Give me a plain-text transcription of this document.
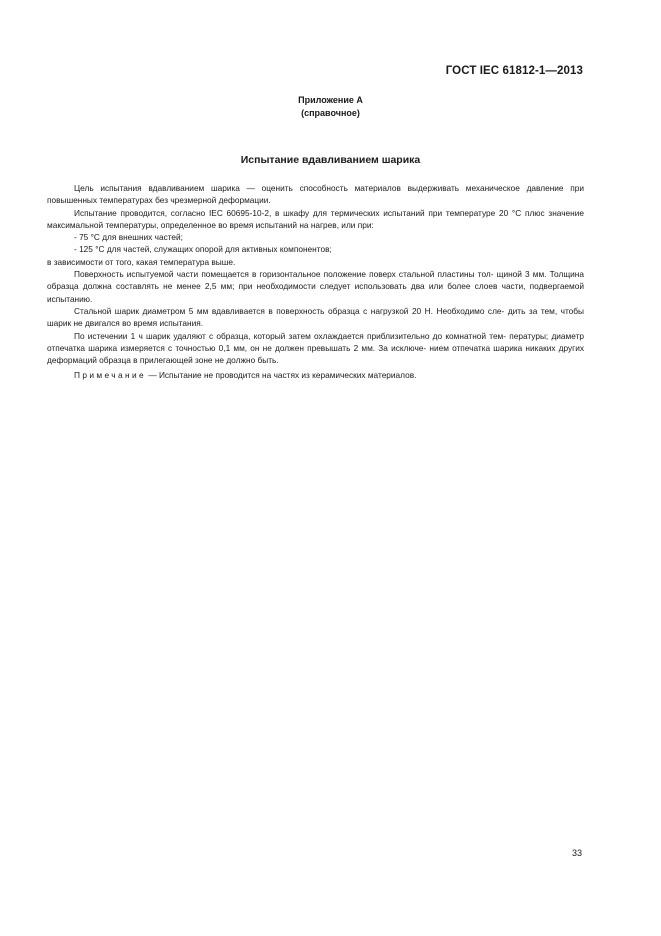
ГОСТ IEC 61812-1—2013
Приложение А
(справочное)
Испытание вдавливанием шарика

Цель испытания вдавливанием шарика — оценить способность материалов выдерживать механическое давление при повышенных температурах без чрезмерной деформации.

Испытание проводится, согласно IEC 60695-10-2, в шкафу для термических испытаний при температуре 20 °С плюс значение максимальной температуры, определенное во время испытаний на нагрев, или при:

- 75 °С для внешних частей;

- 125 °С для частей, служащих опорой для активных компонентов;

в зависимости от того, какая температура выше.

Поверхность испытуемой части помещается в горизонтальное положение поверх стальной пластины тол- щиной 3 мм. Толщина образца должна составлять не менее 2,5 мм; при необходимости следует использовать два или более слоев части, подвергаемой испытанию.

Стальной шарик диаметром 5 мм вдавливается в поверхность образца с нагрузкой 20 Н. Необходимо сле- дить за тем, чтобы шарик не двигался во время испытания.

По истечении 1 ч шарик удаляют с образца, который затем охлаждается приблизительно до комнатной тем- пературы; диаметр отпечатка шарика измеряется с точностью 0,1 мм, он не должен превышать 2 мм. За исключе- нием отпечатка шарика никаких других деформаций образца в прилегающей зоне не должно быть.

Примечание — Испытание не проводится на частях из керамических материалов.

33
